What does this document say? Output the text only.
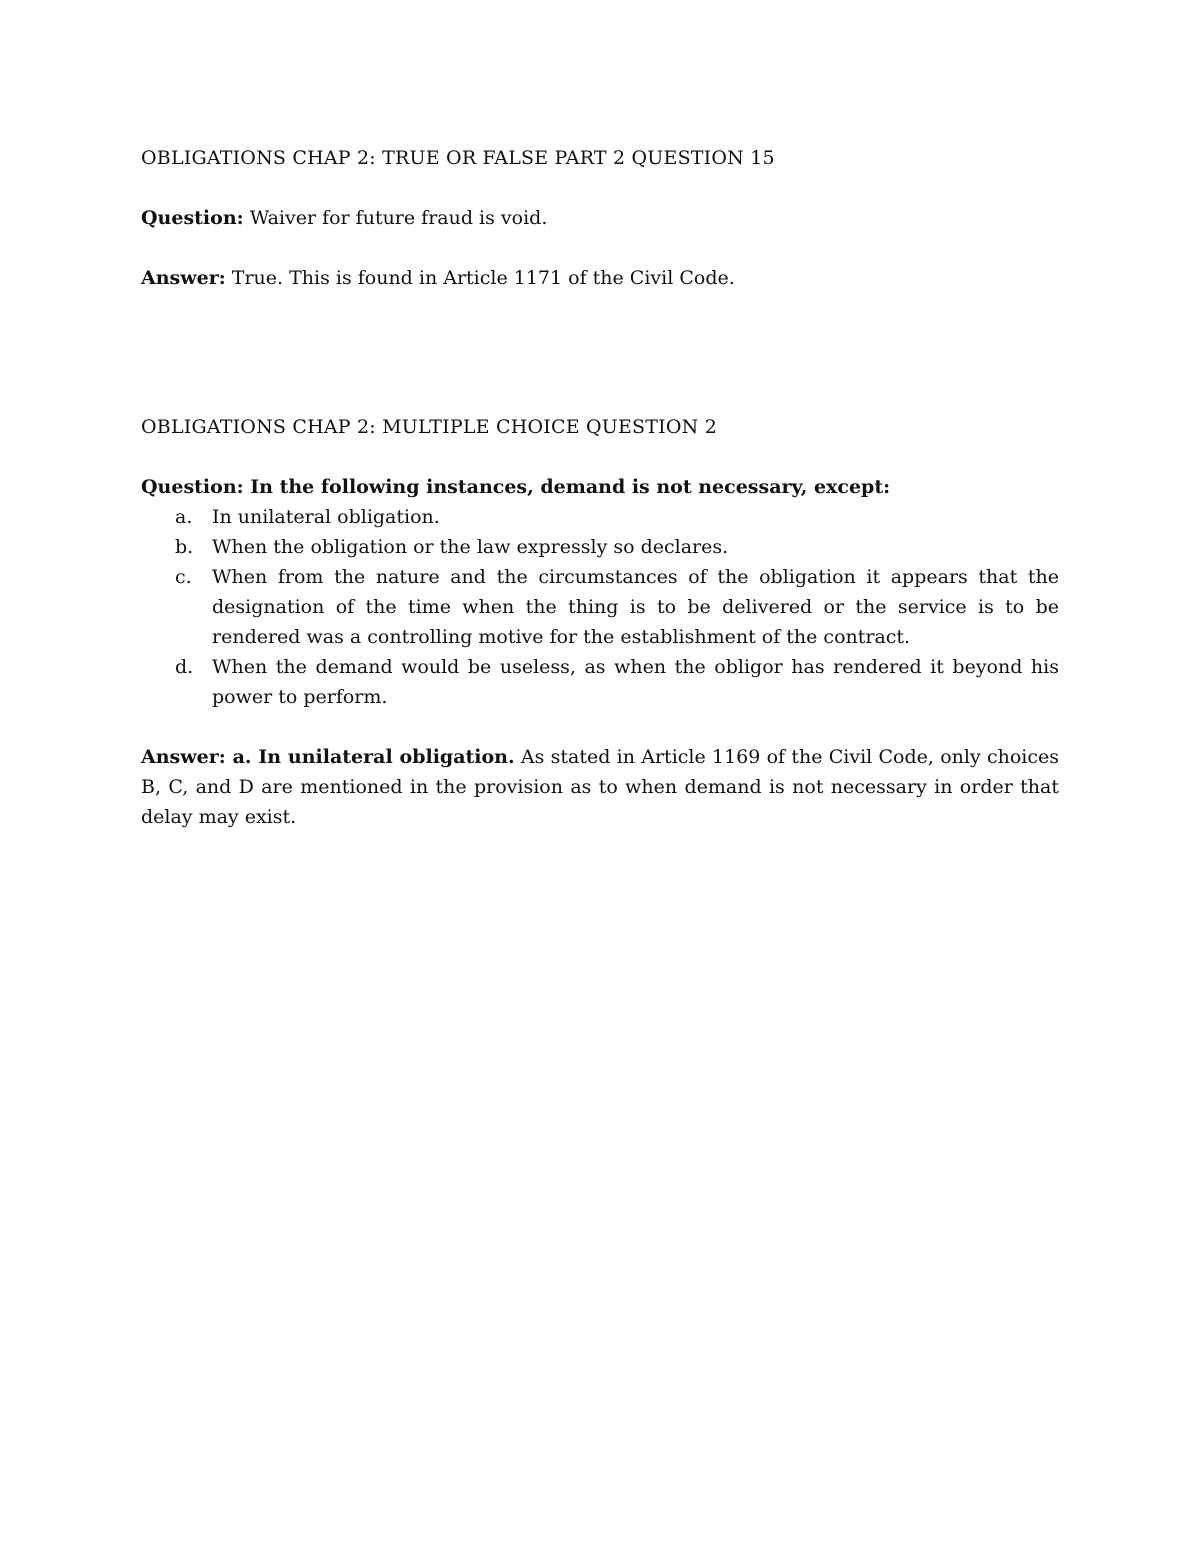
OBLIGATIONS CHAP 2: TRUE OR FALSE PART 2 QUESTION 15

Question: Waiver for future fraud is void.

Answer: True. This is found in Article 1171 of the Civil Code.

OBLIGATIONS CHAP 2: MULTIPLE CHOICE QUESTION 2

Question: In the following instances, demand is not necessary, except:

a. In unilateral obligation.
b. When the obligation or the law expressly so declares.
c. When from the nature and the circumstances of the obligation it appears that the designation of the time when the thing is to be delivered or the service is to be rendered was a controlling motive for the establishment of the contract.
d. When the demand would be useless, as when the obligor has rendered it beyond his power to perform.

Answer: a. In unilateral obligation. As stated in Article 1169 of the Civil Code, only choices B, C, and D are mentioned in the provision as to when demand is not necessary in order that delay may exist.
